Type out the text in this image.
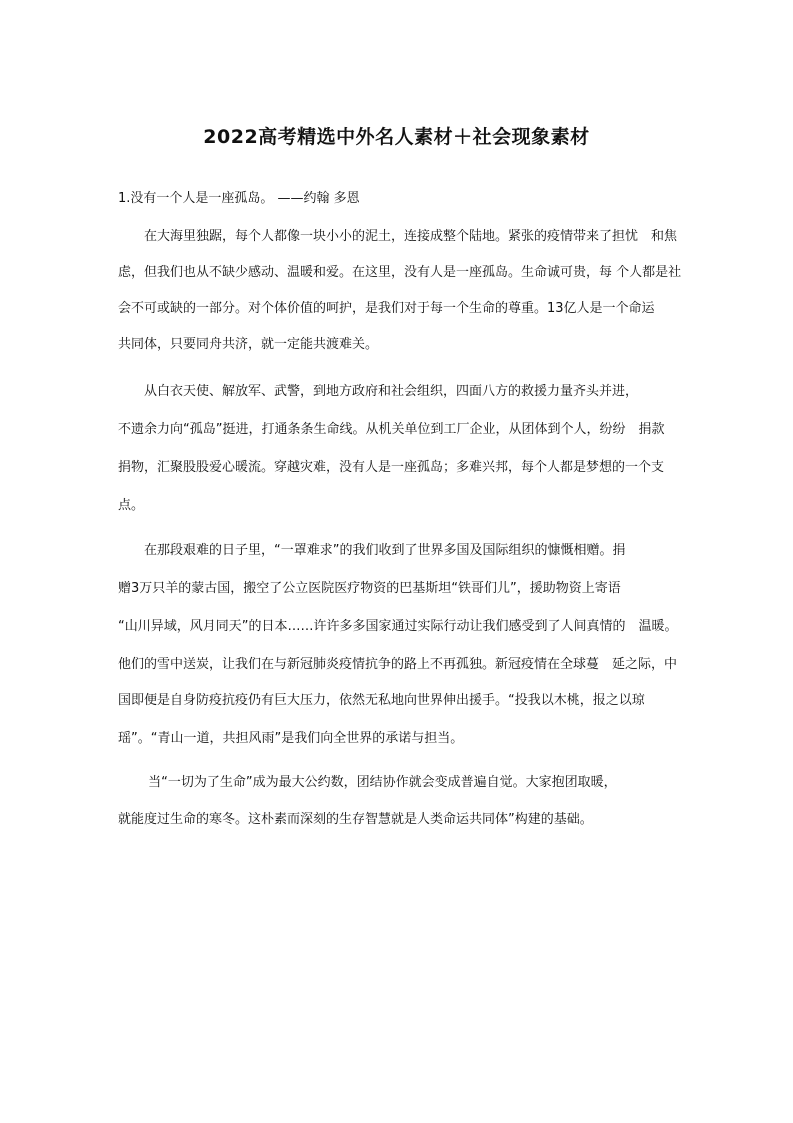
2022高考精选中外名人素材＋社会现象素材
1.没有一个人是一座孤岛。 ——约翰 多恩
　　在大海里独踞，每个人都像一块小小的泥土，连接成整个陆地。紧张的疫情带来了担忧　和焦
虑，但我们也从不缺少感动、温暖和爱。在这里，没有人是一座孤岛。生命诚可贵，每 个人都是社
会不可或缺的一部分。对个体价值的呵护，是我们对于每一个生命的尊重。13亿人是一个命运
共同体，只要同舟共济，就一定能共渡难关。
　　从白衣天使、解放军、武警，到地方政府和社会组织，四面八方的救援力量齐头并进，
不遗余力向“孤岛”挺进，打通条条生命线。从机关单位到工厂企业，从团体到个人，纷纷　捐款
捐物，汇聚股股爱心暖流。穿越灾难，没有人是一座孤岛；多难兴邦，每个人都是梦想的一个支
点。
　　在那段艰难的日子里，“一罩难求”的我们收到了世界多国及国际组织的慷慨相赠。捐
赠3万只羊的蒙古国，搬空了公立医院医疗物资的巴基斯坦“铁哥们儿”，援助物资上寄语
“山川异域，风月同天”的日本……许许多多国家通过实际行动让我们感受到了人间真情的　温暖。
他们的雪中送炭，让我们在与新冠肺炎疫情抗争的路上不再孤独。新冠疫情在全球蔓　延之际，中
国即便是自身防疫抗疫仍有巨大压力，依然无私地向世界伸出援手。“投我以木桃，报之以琼
瑶”。“青山一道，共担风雨”是我们向全世界的承诺与担当。
　　 当“一切为了生命”成为最大公约数，团结协作就会变成普遍自觉。大家抱团取暖，
就能度过生命的寒冬。这朴素而深刻的生存智慧就是人类命运共同体”构建的基础。
